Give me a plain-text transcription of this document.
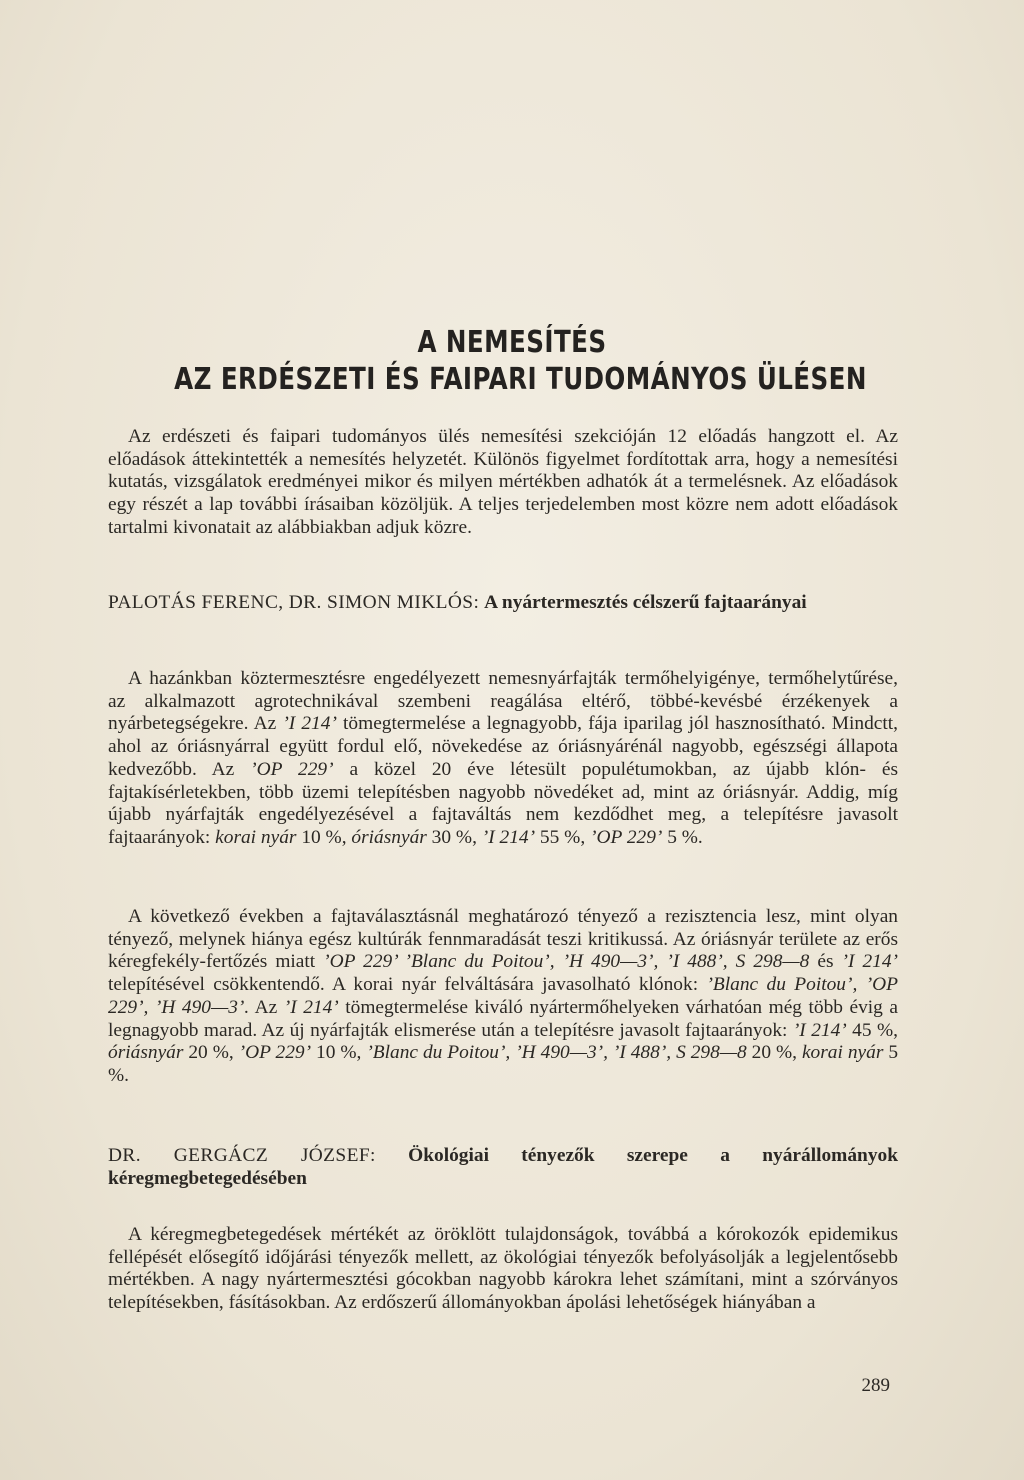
A NEMESÍTÉS
AZ ERDÉSZETI ÉS FAIPARI TUDOMÁNYOS ÜLÉSEN

Az erdészeti és faipari tudományos ülés nemesítési szekcióján 12 előadás hangzott el. Az előadások áttekintették a nemesítés helyzetét. Különös figyelmet fordítottak arra, hogy a nemesítési kutatás, vizsgálatok eredményei mikor és milyen mértékben adhatók át a termelésnek. Az előadások egy részét a lap további írásaiban közöljük. A teljes terjedelemben most közre nem adott előadások tartalmi kivonatait az alábbiakban adjuk közre.

PALOTÁS FERENC, DR. SIMON MIKLÓS: A nyártermesztés célszerű fajtaarányai

A hazánkban köztermesztésre engedélyezett nemesnyárfajták termőhelyigénye, termőhelytűrése, az alkalmazott agrotechnikával szembeni reagálása eltérő, többé-kevésbé érzékenyek a nyárbetegségekre. Az ’I 214’ tömegtermelése a legnagyobb, fája iparilag jól hasznosítható. Mindctt, ahol az óriásnyárral együtt fordul elő, növekedése az óriásnyárénál nagyobb, egészségi állapota kedvezőbb. Az ’OP 229’ a közel 20 éve létesült populétumokban, az újabb klón- és fajtakísérletekben, több üzemi telepítésben nagyobb növedéket ad, mint az óriásnyár. Addig, míg újabb nyárfajták engedélyezésével a fajtaváltás nem kezdődhet meg, a telepítésre javasolt fajtaarányok: korai nyár 10 %, óriásnyár 30 %, ’I 214’ 55 %, ’OP 229’ 5 %.

A következő években a fajtaválasztásnál meghatározó tényező a rezisztencia lesz, mint olyan tényező, melynek hiánya egész kultúrák fennmaradását teszi kritikussá. Az óriásnyár területe az erős kéregfekély-fertőzés miatt ’OP 229’ ’Blanc du Poitou’, ’H 490—3’, ’I 488’, S 298—8 és ’I 214’ telepítésével csökkentendő. A korai nyár felváltására javasolható klónok: ’Blanc du Poitou’, ’OP 229’, ’H 490—3’. Az ’I 214’ tömegtermelése kiváló nyártermőhelyeken várhatóan még több évig a legnagyobb marad. Az új nyárfajták elismerése után a telepítésre javasolt fajtaarányok: ’I 214’ 45 %, óriásnyár 20 %, ’OP 229’ 10 %, ’Blanc du Poitou’, ’H 490—3’, ’I 488’, S 298—8 20 %, korai nyár 5 %.

DR. GERGÁCZ JÓZSEF: Ökológiai tényezők szerepe a nyárállományok kéregmegbetegedésében

A kéregmegbetegedések mértékét az öröklött tulajdonságok, továbbá a kórokozók epidemikus fellépését elősegítő időjárási tényezők mellett, az ökológiai tényezők befolyásolják a legjelentősebb mértékben. A nagy nyártermesztési gócokban nagyobb károkra lehet számítani, mint a szórványos telepítésekben, fásításokban. Az erdőszerű állományokban ápolási lehetőségek hiányában a

289
